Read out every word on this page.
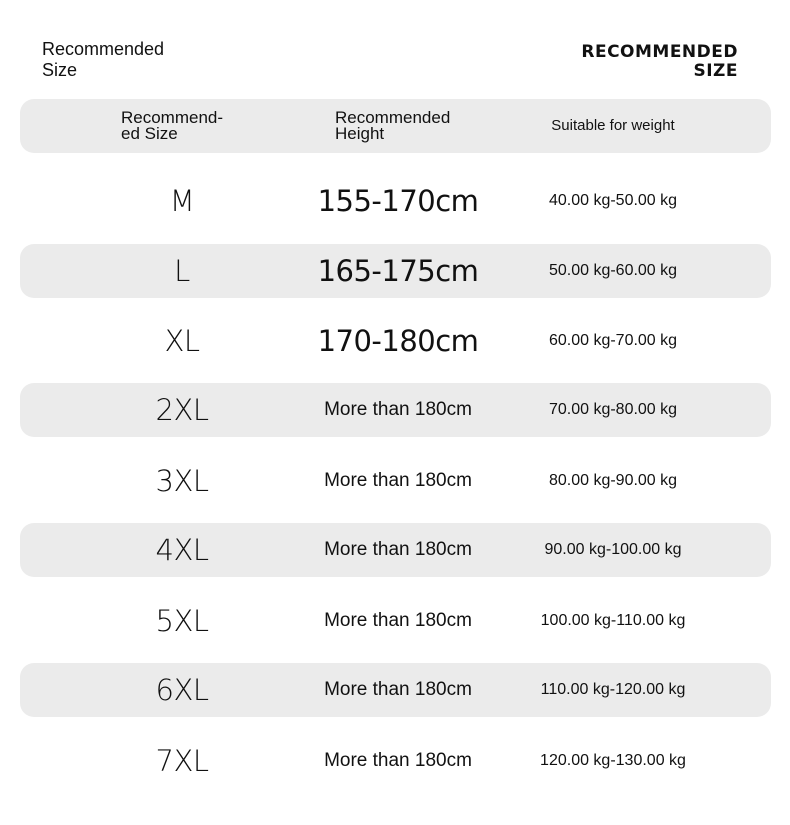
Recommended
Size
RECOMMENDED
SIZE
Recommend-
ed Size
Recommended
Height	Suitable for weight
M	155-170cm	40.00 kg-50.00 kg
L	165-175cm	50.00 kg-60.00 kg
XL	170-180cm	60.00 kg-70.00 kg
2XL	More than 180cm	70.00 kg-80.00 kg
3XL	More than 180cm	80.00 kg-90.00 kg
4XL	More than 180cm	90.00 kg-100.00 kg
5XL	More than 180cm	100.00 kg-110.00 kg
6XL	More than 180cm	110.00 kg-120.00 kg
7XL	More than 180cm	120.00 kg-130.00 kg
